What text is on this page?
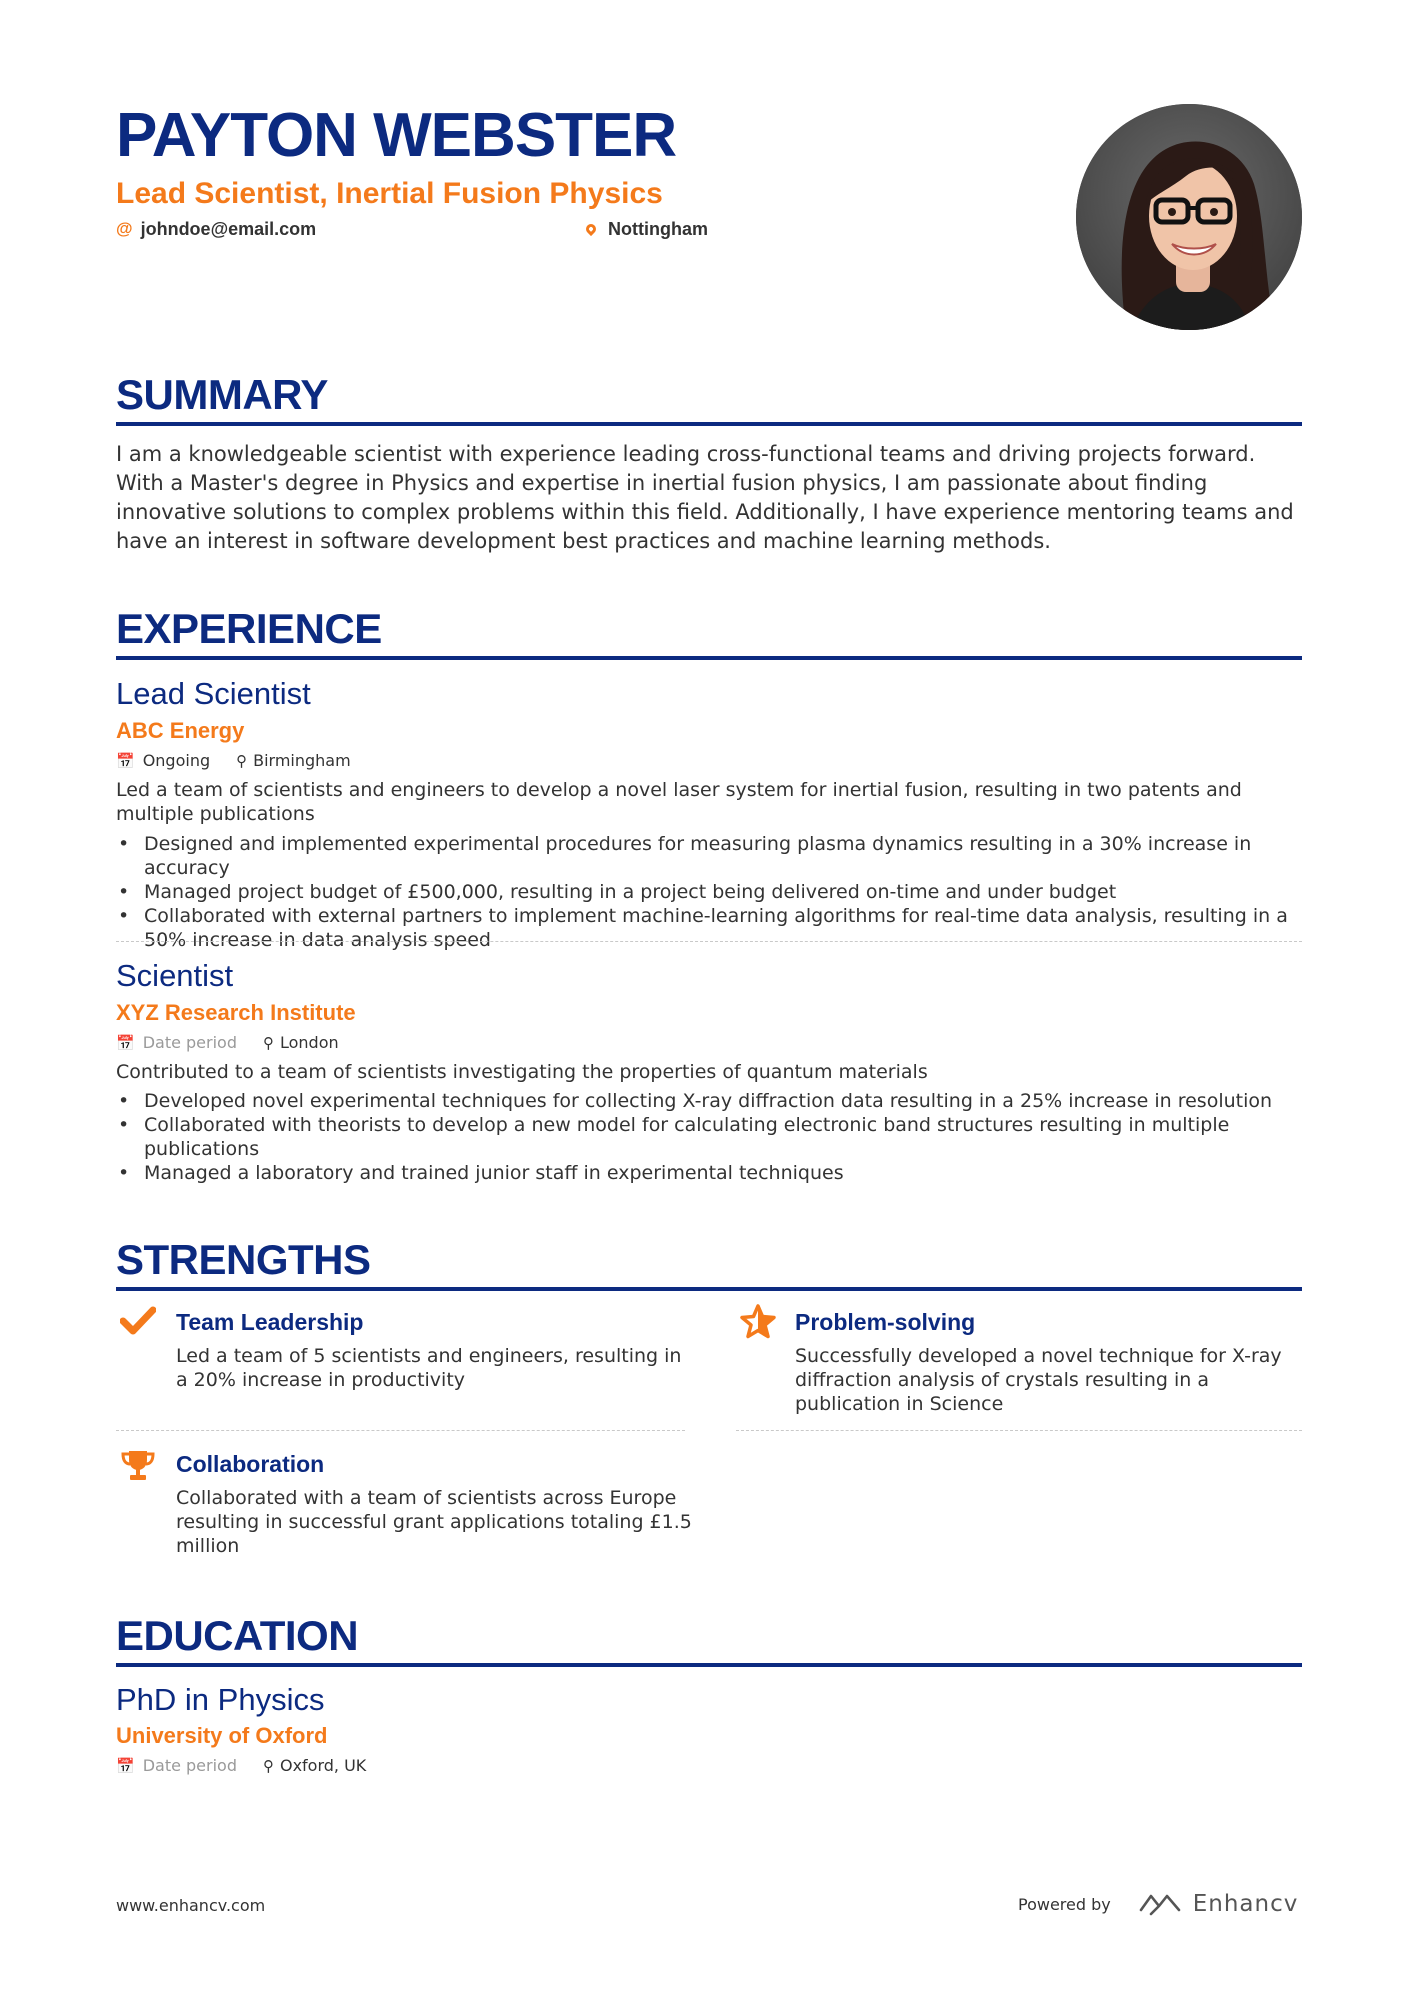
PAYTON WEBSTER
Lead Scientist, Inertial Fusion Physics
@ johndoe@email.com	Nottingham
SUMMARY

I am a knowledgeable scientist with experience leading cross-functional teams and driving projects forward. With a Master's degree in Physics and expertise in inertial fusion physics, I am passionate about finding innovative solutions to complex problems within this field. Additionally, I have experience mentoring teams and have an interest in software development best practices and machine learning methods.

EXPERIENCE
Lead Scientist
ABC Energy
📅 Ongoing ⚲ Birmingham

Led a team of scientists and engineers to develop a novel laser system for inertial fusion, resulting in two patents and multiple publications

• Designed and implemented experimental procedures for measuring plasma dynamics resulting in a 30% increase in accuracy
• Managed project budget of £500,000, resulting in a project being delivered on-time and under budget
• Collaborated with external partners to implement machine-learning algorithms for real-time data analysis, resulting in a 50% increase in data analysis speed
Scientist
XYZ Research Institute
📅 Date period ⚲ London

Contributed to a team of scientists investigating the properties of quantum materials

• Developed novel experimental techniques for collecting X-ray diffraction data resulting in a 25% increase in resolution
• Collaborated with theorists to develop a new model for calculating electronic band structures resulting in multiple publications
• Managed a laboratory and trained junior staff in experimental techniques
STRENGTHS
Team Leadership

Led a team of 5 scientists and engineers, resulting in a 20% increase in productivity

Problem-solving

Successfully developed a novel technique for X-ray diffraction analysis of crystals resulting in a publication in Science

Collaboration

Collaborated with a team of scientists across Europe resulting in successful grant applications totaling £1.5 million

EDUCATION
PhD in Physics
University of Oxford
📅 Date period ⚲ Oxford, UK
www.enhancv.com	Powered by	Enhancv
